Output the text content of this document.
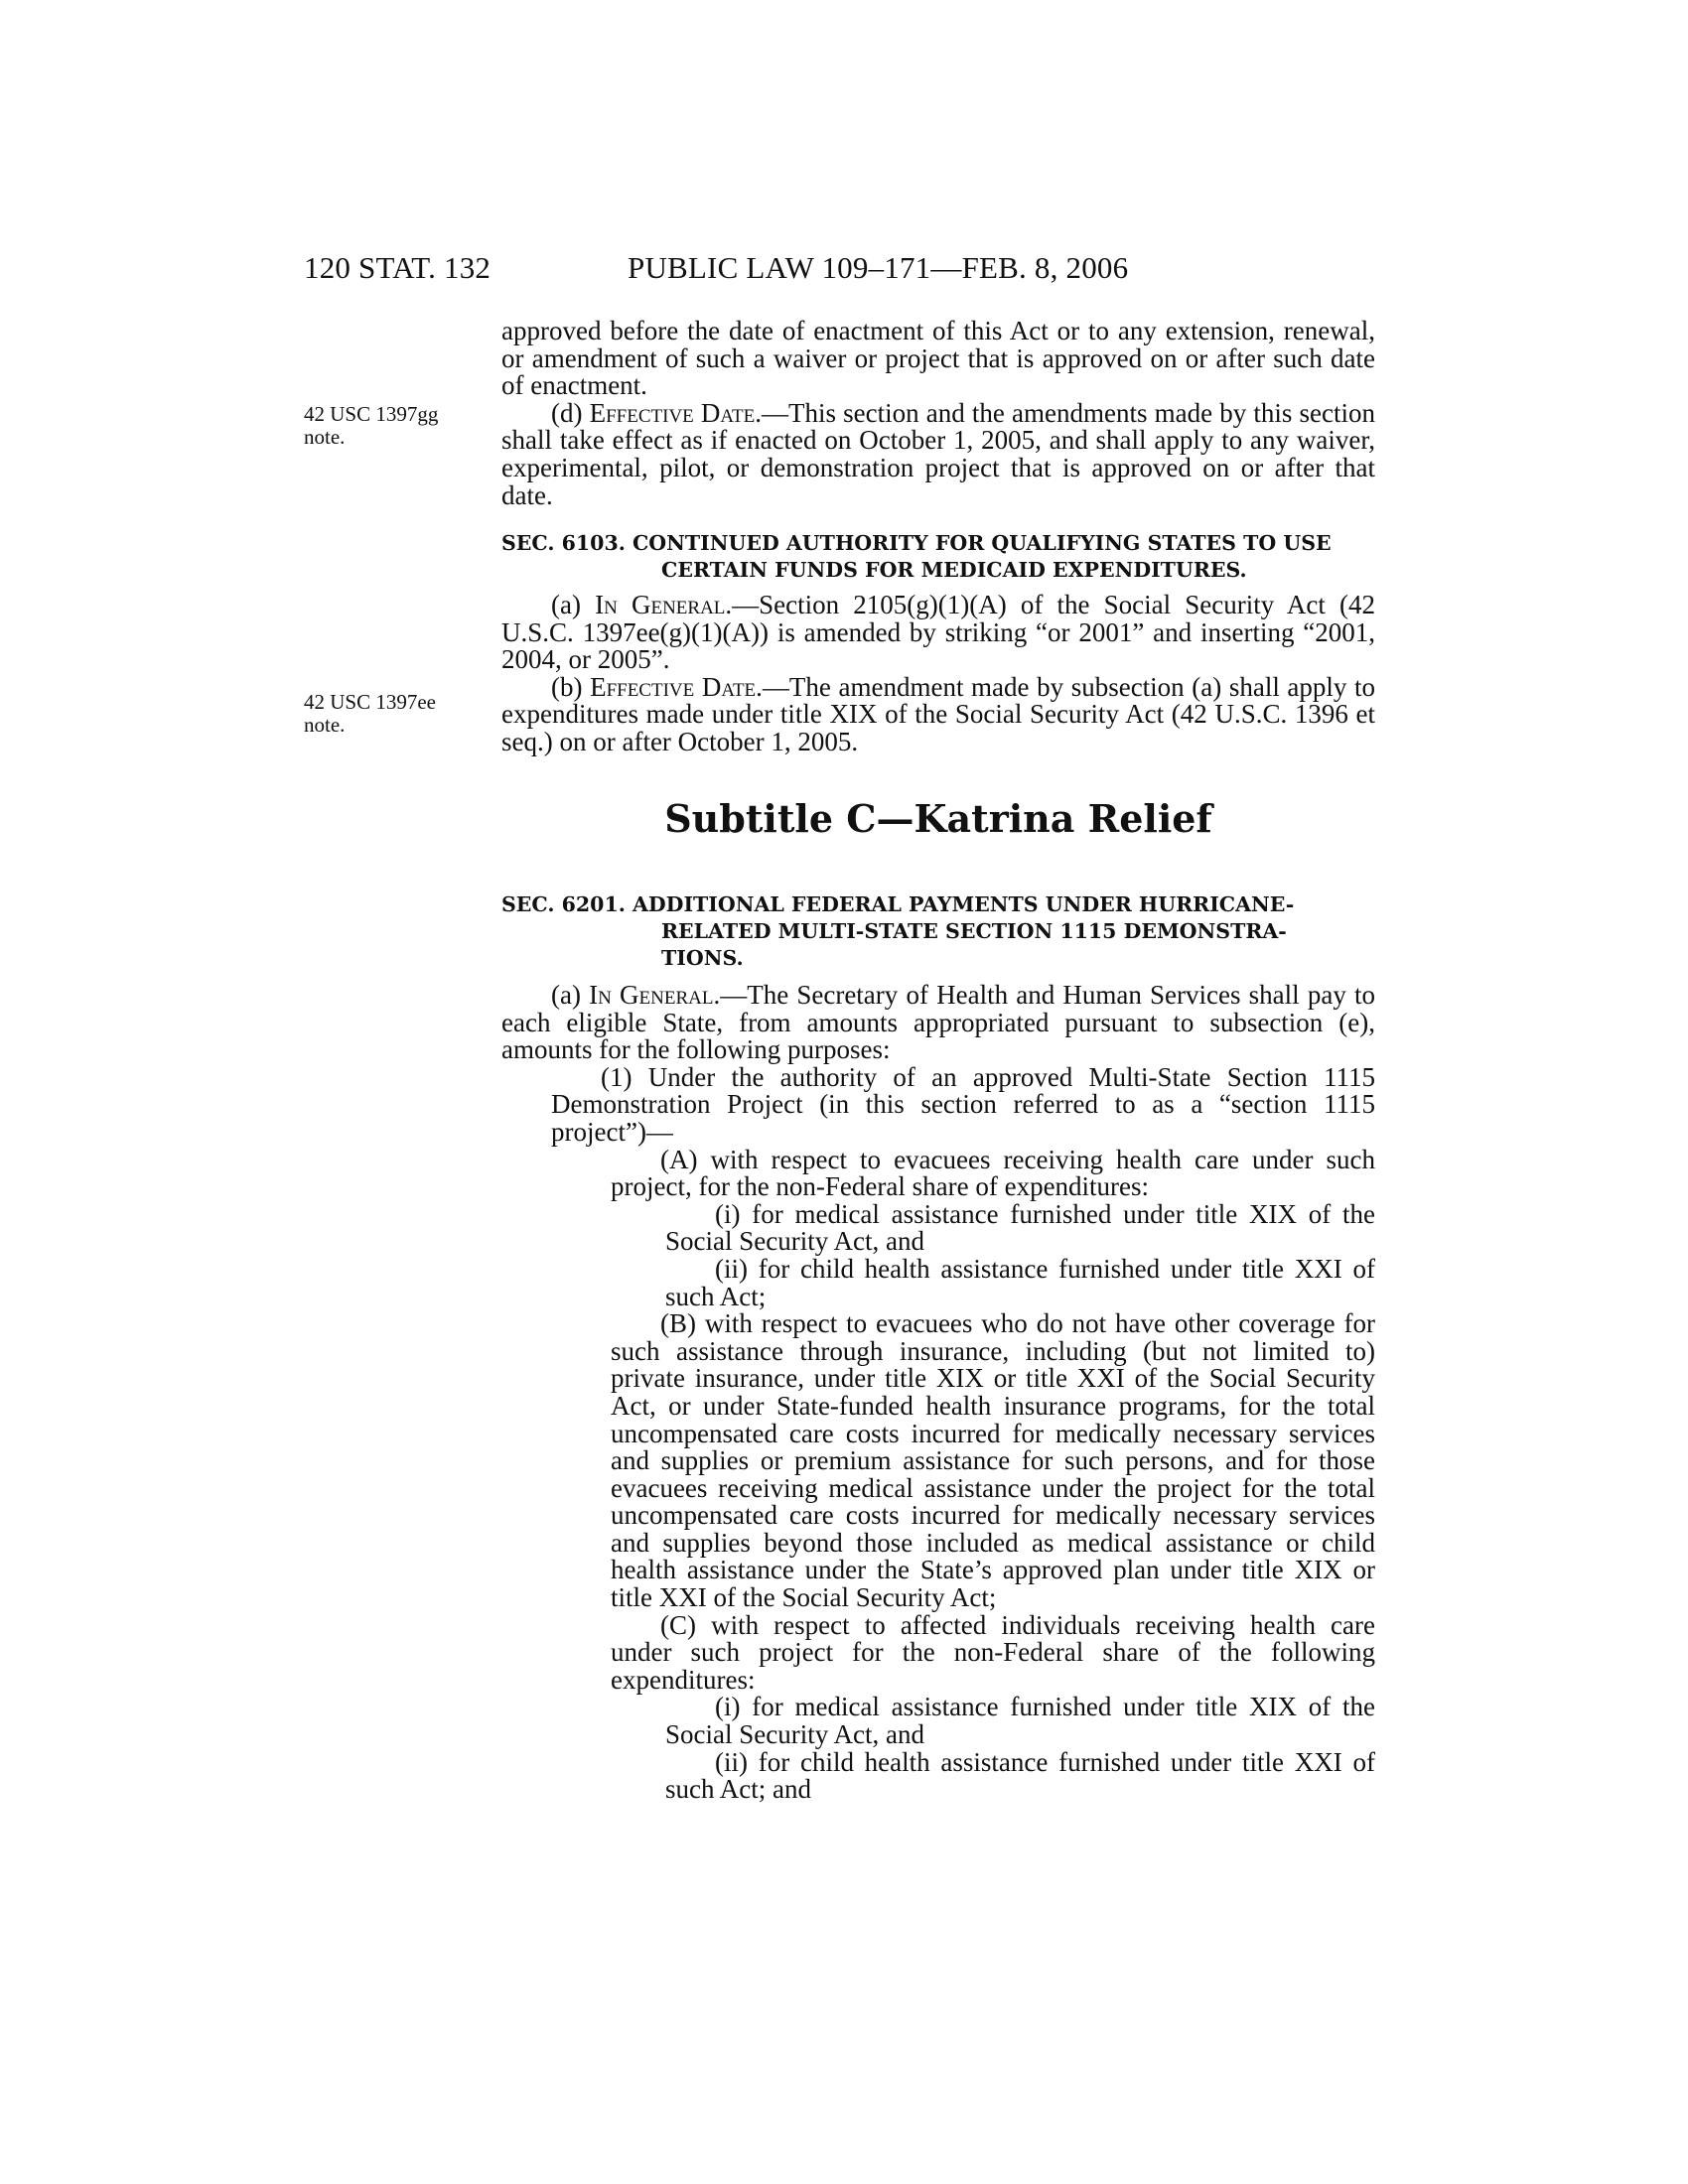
120 STAT. 132	PUBLIC LAW 109–171—FEB. 8, 2006
42 USC 1397gg
note.
42 USC 1397ee
note.

approved before the date of enactment of this Act or to any extension, renewal, or amendment of such a waiver or project that is approved on or after such date of enactment.

(d) Effective Date.—This section and the amendments made by this section shall take effect as if enacted on October 1, 2005, and shall apply to any waiver, experimental, pilot, or demonstration project that is approved on or after that date.

SEC. 6103. CONTINUED AUTHORITY FOR QUALIFYING STATES TO USE
CERTAIN FUNDS FOR MEDICAID EXPENDITURES.

(a) In General.—Section 2105(g)(1)(A) of the Social Security Act (42 U.S.C. 1397ee(g)(1)(A)) is amended by striking “or 2001” and inserting “2001, 2004, or 2005”.

(b) Effective Date.—The amendment made by subsection (a) shall apply to expenditures made under title XIX of the Social Security Act (42 U.S.C. 1396 et seq.) on or after October 1, 2005.

Subtitle C—Katrina Relief
SEC. 6201. ADDITIONAL FEDERAL PAYMENTS UNDER HURRICANE-
RELATED MULTI-STATE SECTION 1115 DEMONSTRA-
TIONS.

(a) In General.—The Secretary of Health and Human Services shall pay to each eligible State, from amounts appropriated pursuant to subsection (e), amounts for the following purposes:

(1) Under the authority of an approved Multi-State Section 1115 Demonstration Project (in this section referred to as a “section 1115 project”)—

(A) with respect to evacuees receiving health care under such project, for the non-Federal share of expenditures:

(i) for medical assistance furnished under title XIX of the Social Security Act, and

(ii) for child health assistance furnished under title XXI of such Act;

(B) with respect to evacuees who do not have other coverage for such assistance through insurance, including (but not limited to) private insurance, under title XIX or title XXI of the Social Security Act, or under State-funded health insurance programs, for the total uncompensated care costs incurred for medically necessary services and supplies or premium assistance for such persons, and for those evacuees receiving medical assistance under the project for the total uncompensated care costs incurred for medically necessary services and supplies beyond those included as medical assistance or child health assistance under the State’s approved plan under title XIX or title XXI of the Social Security Act;

(C) with respect to affected individuals receiving health care under such project for the non-Federal share of the following expenditures:

(i) for medical assistance furnished under title XIX of the Social Security Act, and

(ii) for child health assistance furnished under title XXI of such Act; and
